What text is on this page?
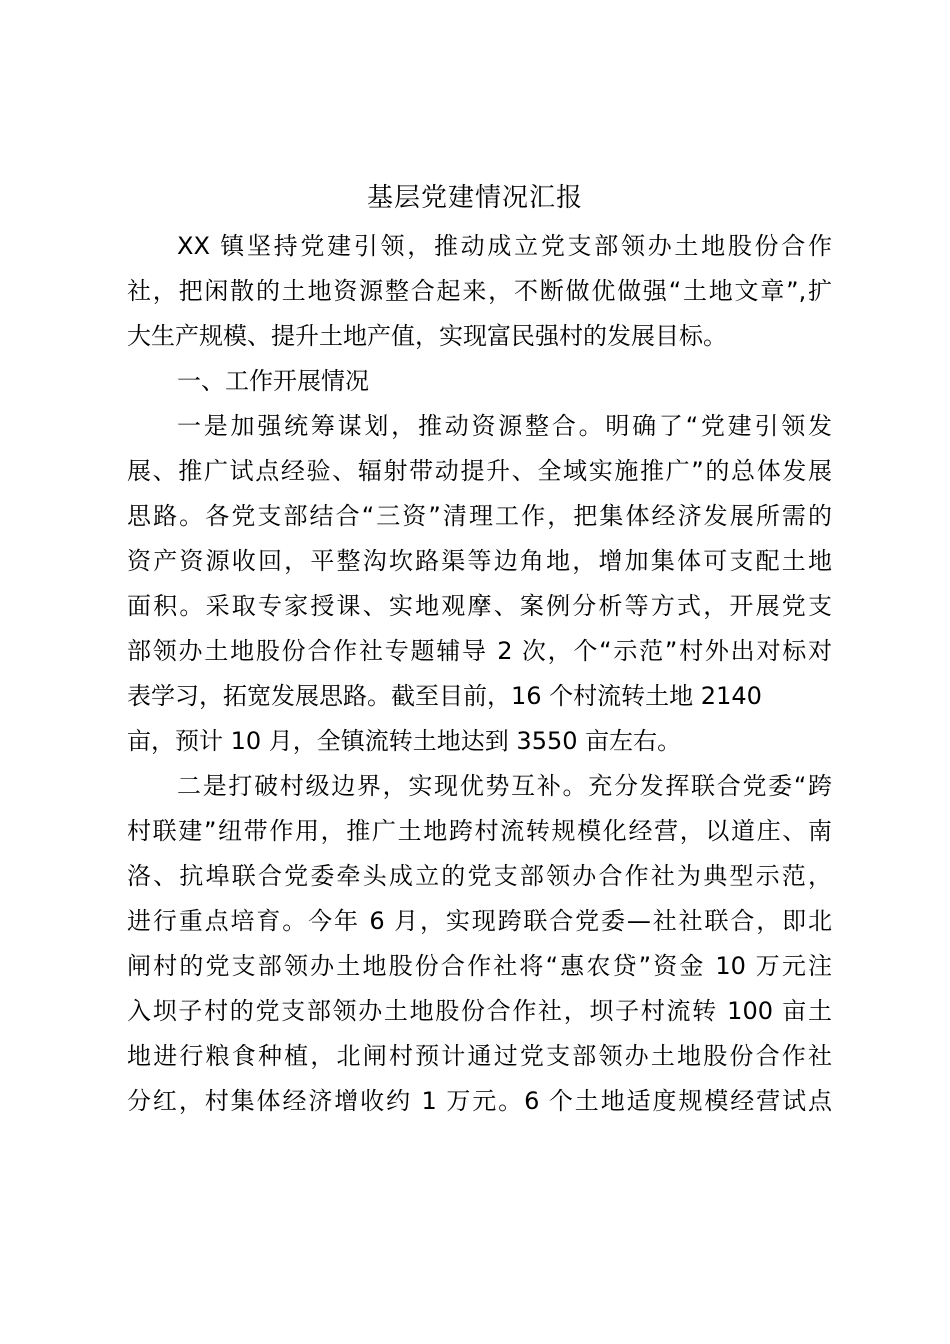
基层党建情况汇报
XX 镇坚持党建引领，推动成立党支部领办土地股份合作
社，把闲散的土地资源整合起来，不断做优做强“土地文章”,扩
大生产规模、提升土地产值，实现富民强村的发展目标。
一、工作开展情况
一是加强统筹谋划，推动资源整合。明确了“党建引领发
展、推广试点经验、辐射带动提升、全域实施推广”的总体发展
思路。各党支部结合“三资”清理工作，把集体经济发展所需的
资产资源收回，平整沟坎路渠等边角地，增加集体可支配土地
面积。采取专家授课、实地观摩、案例分析等方式，开展党支
部领办土地股份合作社专题辅导 2 次，个“示范”村外出对标对
表学习，拓宽发展思路。截至目前，16 个村流转土地 2140
亩，预计 10 月，全镇流转土地达到 3550 亩左右。
二是打破村级边界，实现优势互补。充分发挥联合党委“跨
村联建”纽带作用，推广土地跨村流转规模化经营，以道庄、南
洛、抗埠联合党委牵头成立的党支部领办合作社为典型示范，
进行重点培育。今年 6 月，实现跨联合党委—社社联合，即北
闸村的党支部领办土地股份合作社将“惠农贷”资金 10 万元注
入坝子村的党支部领办土地股份合作社，坝子村流转 100 亩土
地进行粮食种植，北闸村预计通过党支部领办土地股份合作社
分红，村集体经济增收约 1 万元。6 个土地适度规模经营试点
